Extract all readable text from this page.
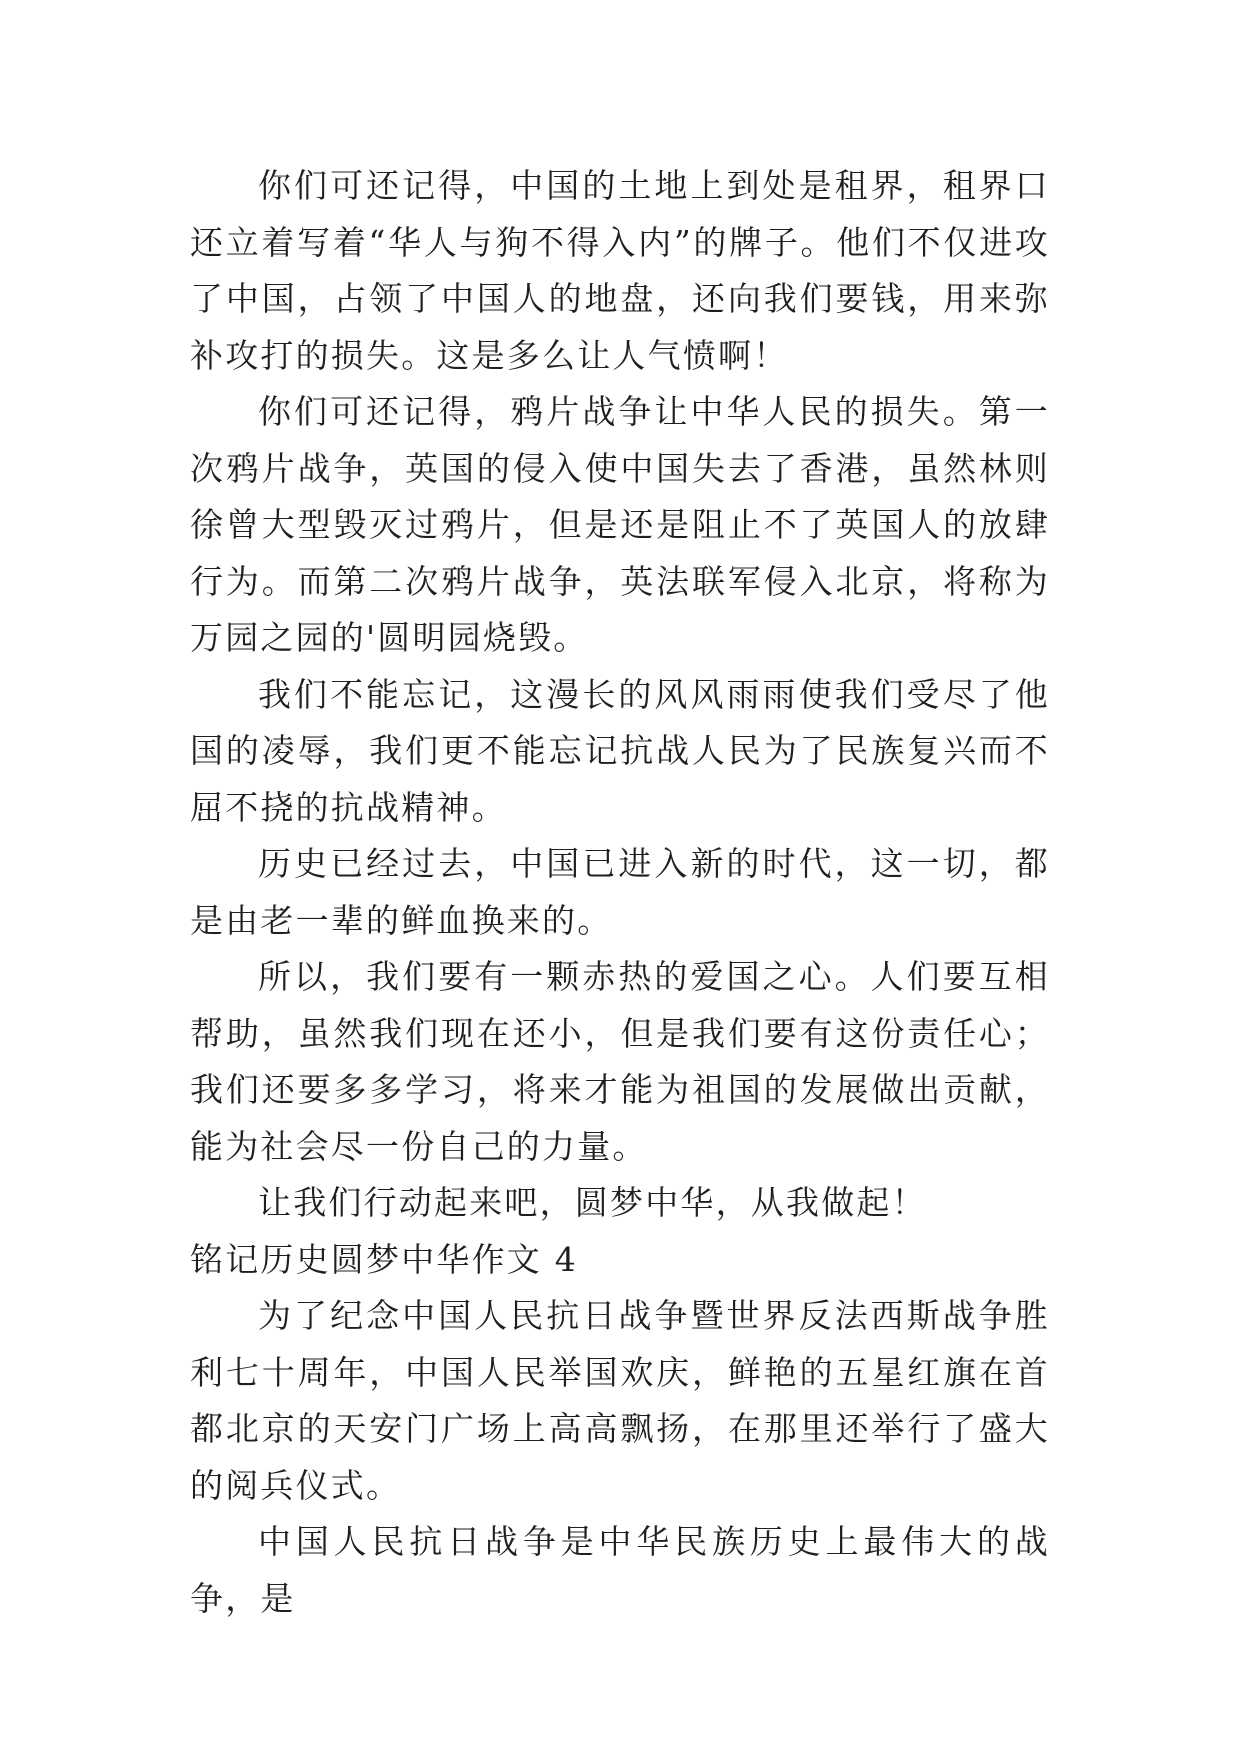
你们可还记得，中国的土地上到处是租界，租界口还立着写着“华人与狗不得入内”的牌子。他们不仅进攻了中国，占领了中国人的地盘，还向我们要钱，用来弥补攻打的损失。这是多么让人气愤啊！

你们可还记得，鸦片战争让中华人民的损失。第一次鸦片战争，英国的侵入使中国失去了香港，虽然林则徐曾大型毁灭过鸦片，但是还是阻止不了英国人的放肆行为。而第二次鸦片战争，英法联军侵入北京，将称为万园之园的'圆明园烧毁。

我们不能忘记，这漫长的风风雨雨使我们受尽了他国的凌辱，我们更不能忘记抗战人民为了民族复兴而不屈不挠的抗战精神。

历史已经过去，中国已进入新的时代，这一切，都是由老一辈的鲜血换来的。

所以，我们要有一颗赤热的爱国之心。人们要互相帮助，虽然我们现在还小，但是我们要有这份责任心；我们还要多多学习，将来才能为祖国的发展做出贡献，能为社会尽一份自己的力量。

让我们行动起来吧，圆梦中华，从我做起！

铭记历史圆梦中华作文 4

为了纪念中国人民抗日战争暨世界反法西斯战争胜利七十周年，中国人民举国欢庆，鲜艳的五星红旗在首都北京的天安门广场上高高飘扬，在那里还举行了盛大的阅兵仪式。

中国人民抗日战争是中华民族历史上最伟大的战争，是
